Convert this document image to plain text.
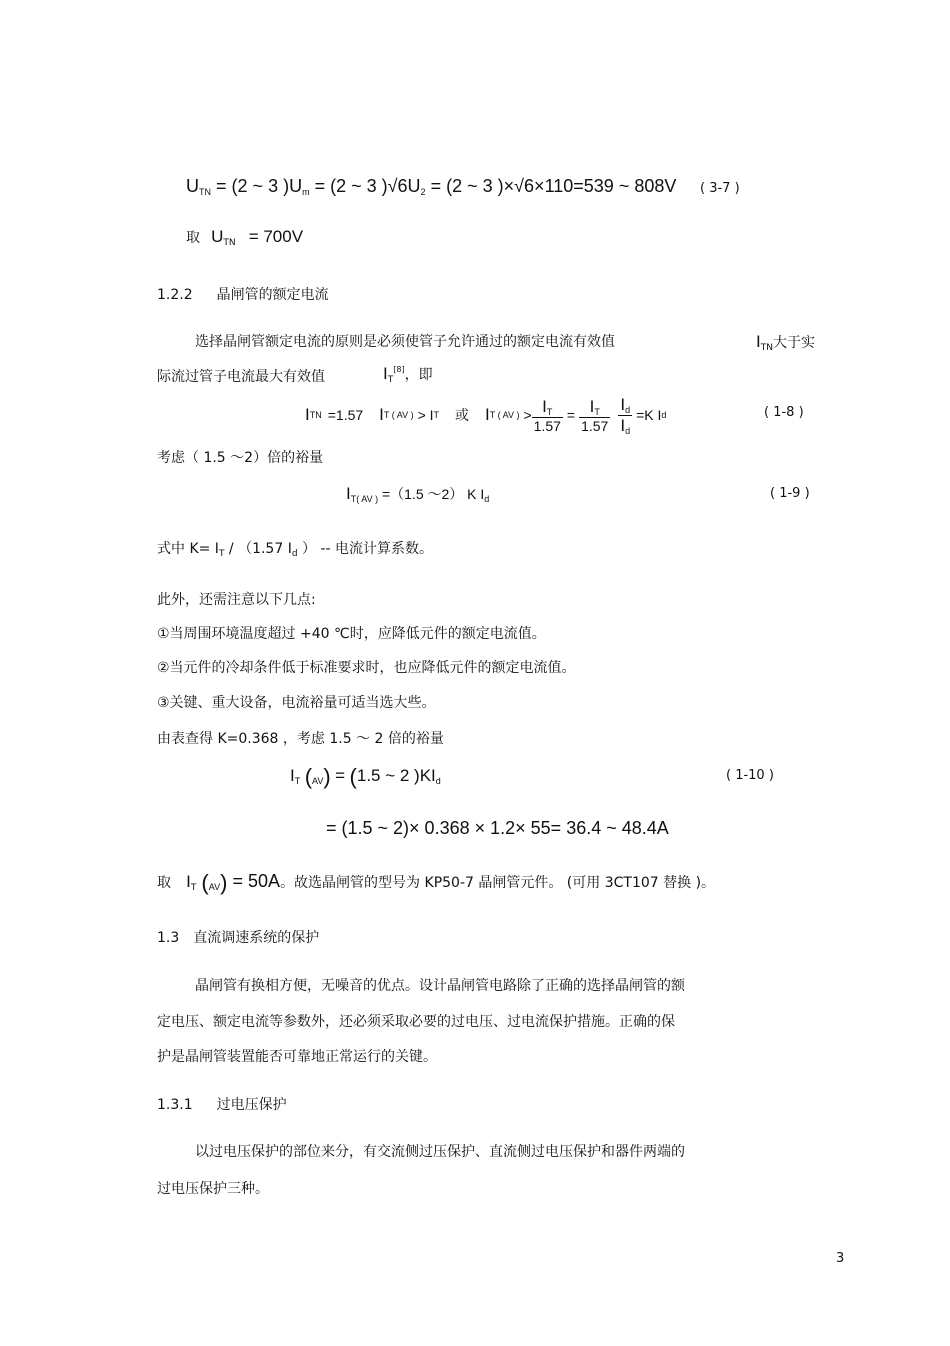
$U_{TN} = (2$ ~ 3 )$U_m = (2$ ~ 3 )$√6U_2 = (2$ ~ 3 )×√6×110=539 ~ 808V ( 3-7 )
取 $U_{TN} = 700V$
1.2.2 晶闸管的额定电流
选择晶闸管额定电流的原则是必须使管子允许通过的额定电流有效值	$I_{TN}$大于实
际流过管子电流最大有效值	$I_T[8]$，即
I TN =1.57 I T ( AV ) > I T 或 I T ( AV ) > $\frac{I_T}{1.57} = \frac{I_T}{1.57} \frac{I_d}{I_d} =K$ I d	( 1-8 )
考虑（ 1.5 ～2）倍的裕量
$I_{T( AV )} =(1.5$ ～2） K $I_d$	( 1-9 )
式中 $K= I_T / (1.57$ $I_d$ ） -- 电流计算系数。
此外，还需注意以下几点:
①当周围环境温度超过 +40 ℃时，应降低元件的额定电流值。
②当元件的冷却条件低于标准要求时，也应降低元件的额定电流值。
③关键、重大设备，电流裕量可适当选大些。
由表查得 K=0.368 ，考虑 1.5 ～ 2 倍的裕量
$I_T$ $(_{AV}) = (1.5$ ~ 2 )$KI_d$	( 1-10 )
= (1.5 ~ 2)× 0.368 × 1.2× 55= 36.4 ~ 48.4A
取 $I_T$ $(_{AV}) = 50A$。故选晶闸管的型号为 KP50-7 晶闸管元件。 (可用 3CT107 替换 )。
1.3 直流调速系统的保护
晶闸管有换相方便，无噪音的优点。设计晶闸管电路除了正确的选择晶闸管的额
定电压、额定电流等参数外，还必须采取必要的过电压、过电流保护措施。正确的保
护是晶闸管装置能否可靠地正常运行的关键。
1.3.1 过电压保护
以过电压保护的部位来分，有交流侧过压保护、直流侧过电压保护和器件两端的
过电压保护三种。
3
